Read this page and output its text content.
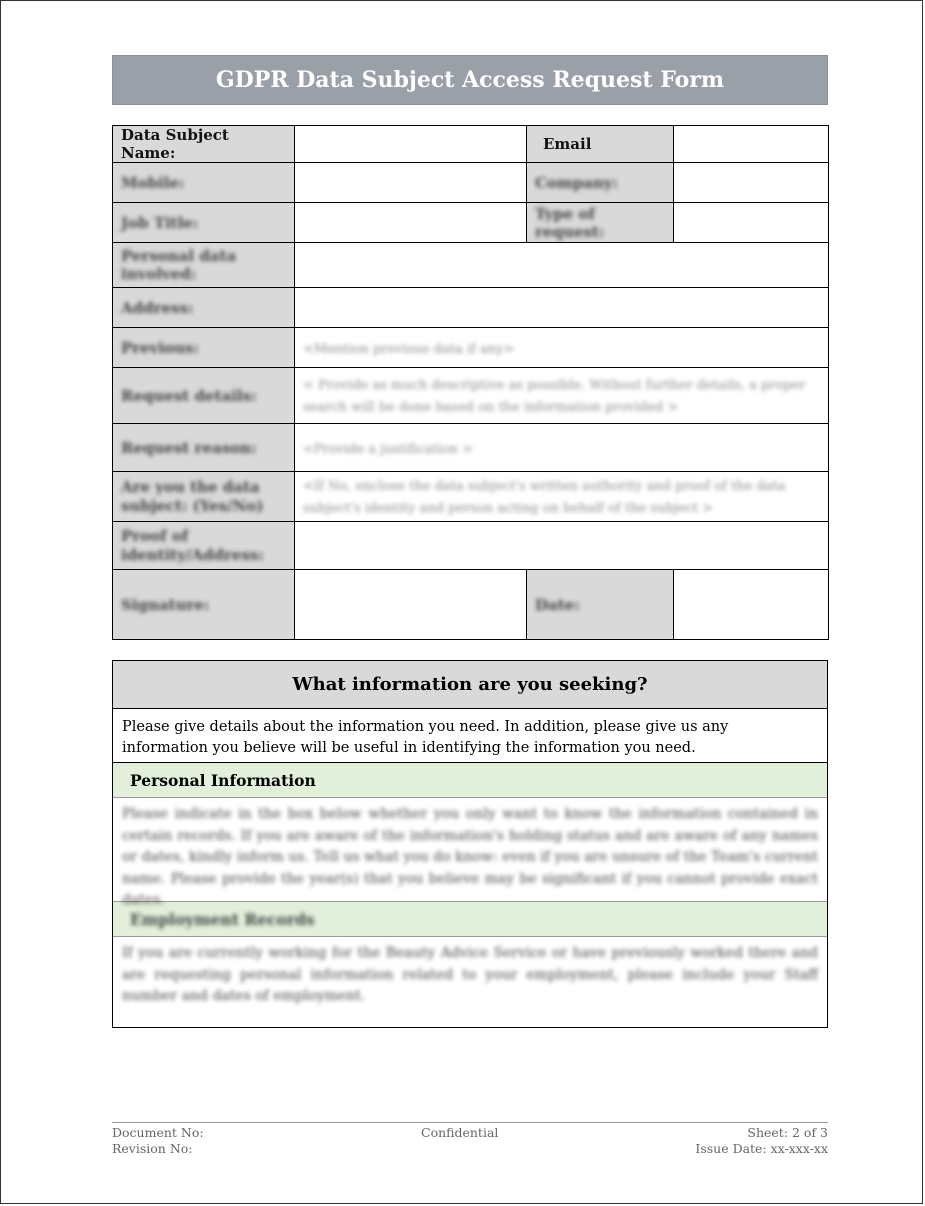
GDPR Data Subject Access Request Form
Data Subject Name:		Email	
Mobile:		Company:	
Job Title:		Type of request:	
Personal data involved:			
Address:			
Previous:	<Mention previous data if any>		
Request details:	< Provide as much descriptive as possible. Without further details, a proper search will be done based on the information provided >		
Request reason:	<Provide a justification >		
Are you the data subject: (Yes/No)	<If No, enclose the data subject's written authority and proof of the data subject's identity and person acting on behalf of the subject >		
Proof of identity/Address:			
Signature:		Date:	
What information are you seeking?
Please give details about the information you need. In addition, please give us any information you believe will be useful in identifying the information you need.
Personal Information
Please indicate in the box below whether you only want to know the information contained in certain records. If you are aware of the information's holding status and are aware of any names or dates, kindly inform us. Tell us what you do know: even if you are unsure of the Team's current name. Please provide the year(s) that you believe may be significant if you cannot provide exact dates.
Employment Records
If you are currently working for the Beauty Advice Service or have previously worked there and are requesting personal information related to your employment, please include your Staff number and dates of employment.
Document No:
Revision No:
Confidential	Sheet: 2 of 3
Issue Date: xx-xxx-xx
